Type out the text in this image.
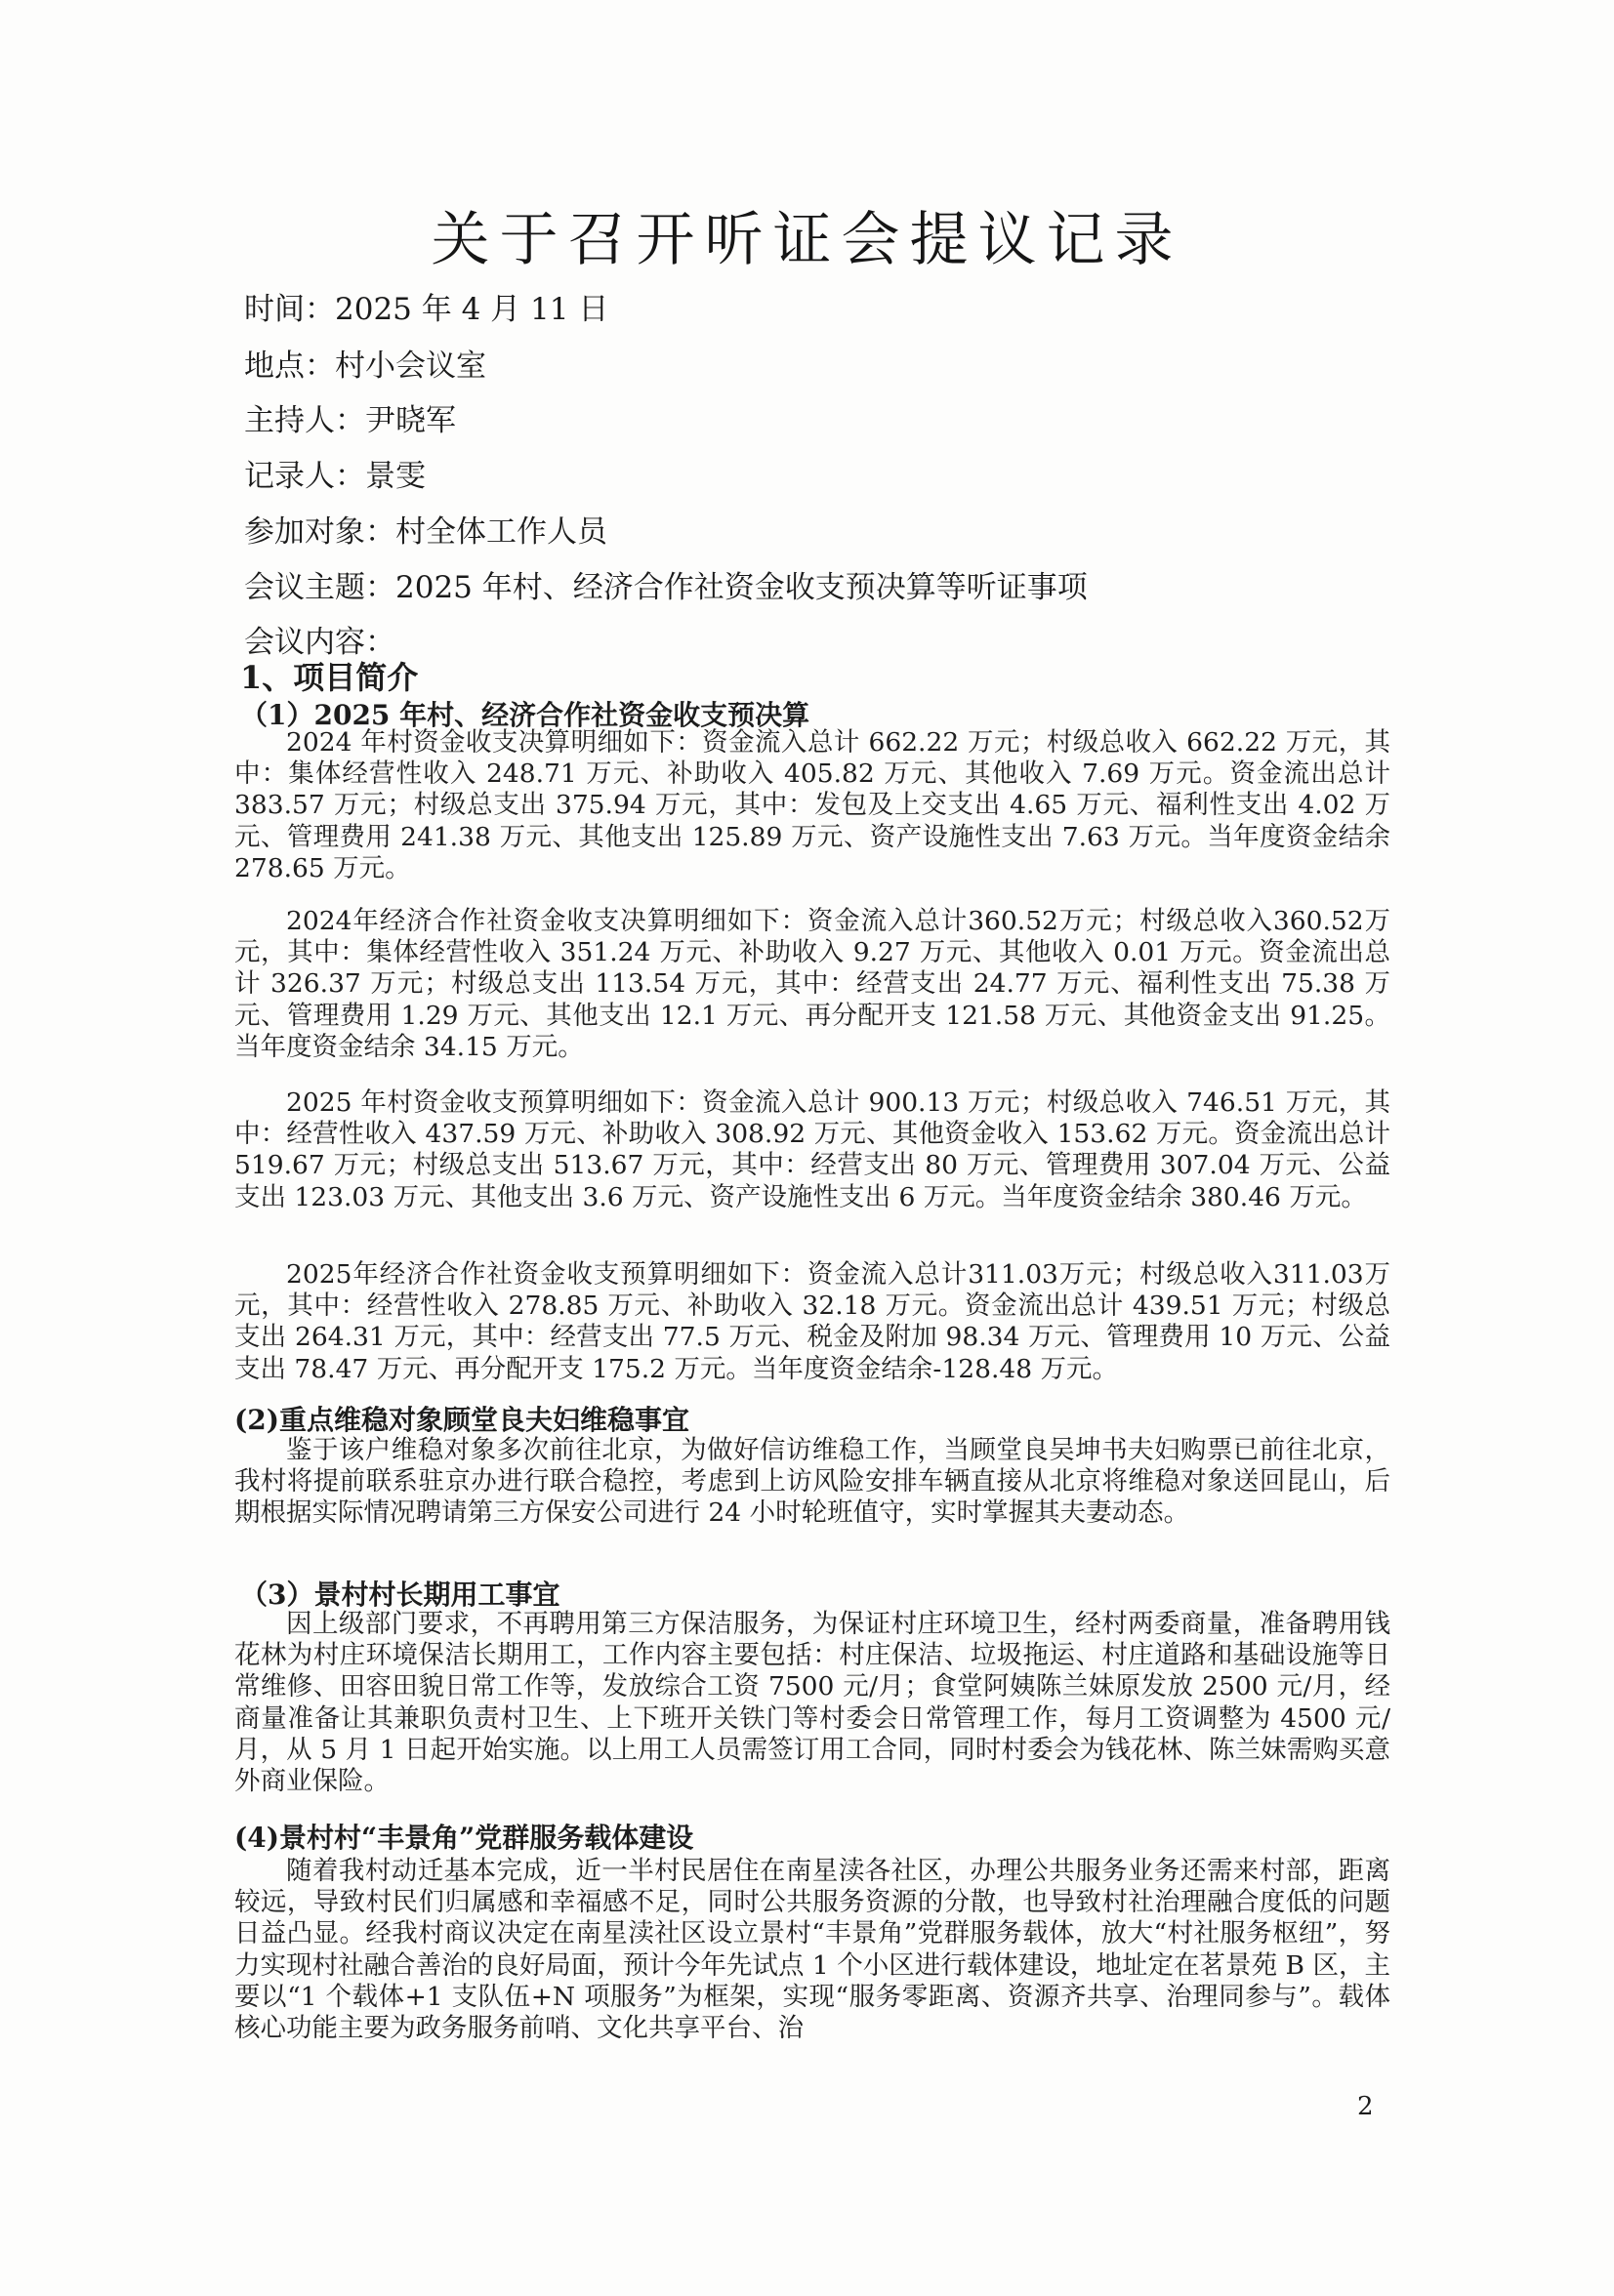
关于召开听证会提议记录
时间：2025 年 4 月 11 日
地点：村小会议室
主持人：尹晓军
记录人：景雯
参加对象：村全体工作人员
会议主题：2025 年村、经济合作社资金收支预决算等听证事项
会议内容：
1、项目简介
（1）2025 年村、经济合作社资金收支预决算

2024 年村资金收支决算明细如下：资金流入总计 662.22 万元；村级总收入 662.22 万元，其中：集体经营性收入 248.71 万元、补助收入 405.82 万元、其他收入 7.69 万元。资金流出总计 383.57 万元；村级总支出 375.94 万元，其中：发包及上交支出 4.65 万元、福利性支出 4.02 万元、管理费用 241.38 万元、其他支出 125.89 万元、资产设施性支出 7.63 万元。当年度资金结余 278.65 万元。

2024年经济合作社资金收支决算明细如下：资金流入总计360.52万元；村级总收入360.52万元，其中：集体经营性收入 351.24 万元、补助收入 9.27 万元、其他收入 0.01 万元。资金流出总计 326.37 万元；村级总支出 113.54 万元，其中：经营支出 24.77 万元、福利性支出 75.38 万元、管理费用 1.29 万元、其他支出 12.1 万元、再分配开支 121.58 万元、其他资金支出 91.25。当年度资金结余 34.15 万元。

2025 年村资金收支预算明细如下：资金流入总计 900.13 万元；村级总收入 746.51 万元，其中：经营性收入 437.59 万元、补助收入 308.92 万元、其他资金收入 153.62 万元。资金流出总计 519.67 万元；村级总支出 513.67 万元，其中：经营支出 80 万元、管理费用 307.04 万元、公益支出 123.03 万元、其他支出 3.6 万元、资产设施性支出 6 万元。当年度资金结余 380.46 万元。

2025年经济合作社资金收支预算明细如下：资金流入总计311.03万元；村级总收入311.03万元，其中：经营性收入 278.85 万元、补助收入 32.18 万元。资金流出总计 439.51 万元；村级总支出 264.31 万元，其中：经营支出 77.5 万元、税金及附加 98.34 万元、管理费用 10 万元、公益支出 78.47 万元、再分配开支 175.2 万元。当年度资金结余-128.48 万元。

(2)重点维稳对象顾堂良夫妇维稳事宜

鉴于该户维稳对象多次前往北京，为做好信访维稳工作，当顾堂良吴坤书夫妇购票已前往北京，我村将提前联系驻京办进行联合稳控，考虑到上访风险安排车辆直接从北京将维稳对象送回昆山，后期根据实际情况聘请第三方保安公司进行 24 小时轮班值守，实时掌握其夫妻动态。

（3）景村村长期用工事宜

因上级部门要求，不再聘用第三方保洁服务，为保证村庄环境卫生，经村两委商量，准备聘用钱花林为村庄环境保洁长期用工，工作内容主要包括：村庄保洁、垃圾拖运、村庄道路和基础设施等日常维修、田容田貌日常工作等，发放综合工资 7500 元/月；食堂阿姨陈兰妹原发放 2500 元/月，经商量准备让其兼职负责村卫生、上下班开关铁门等村委会日常管理工作，每月工资调整为 4500 元/月，从 5 月 1 日起开始实施。以上用工人员需签订用工合同，同时村委会为钱花林、陈兰妹需购买意外商业保险。

(4)景村村“丰景角”党群服务载体建设

随着我村动迁基本完成，近一半村民居住在南星渎各社区，办理公共服务业务还需来村部，距离较远，导致村民们归属感和幸福感不足，同时公共服务资源的分散，也导致村社治理融合度低的问题日益凸显。经我村商议决定在南星渎社区设立景村“丰景角”党群服务载体，放大“村社服务枢纽”，努力实现村社融合善治的良好局面，预计今年先试点 1 个小区进行载体建设，地址定在茗景苑 B 区，主要以“1 个载体+1 支队伍+N 项服务”为框架，实现“服务零距离、资源齐共享、治理同参与”。载体核心功能主要为政务服务前哨、文化共享平台、治

2
